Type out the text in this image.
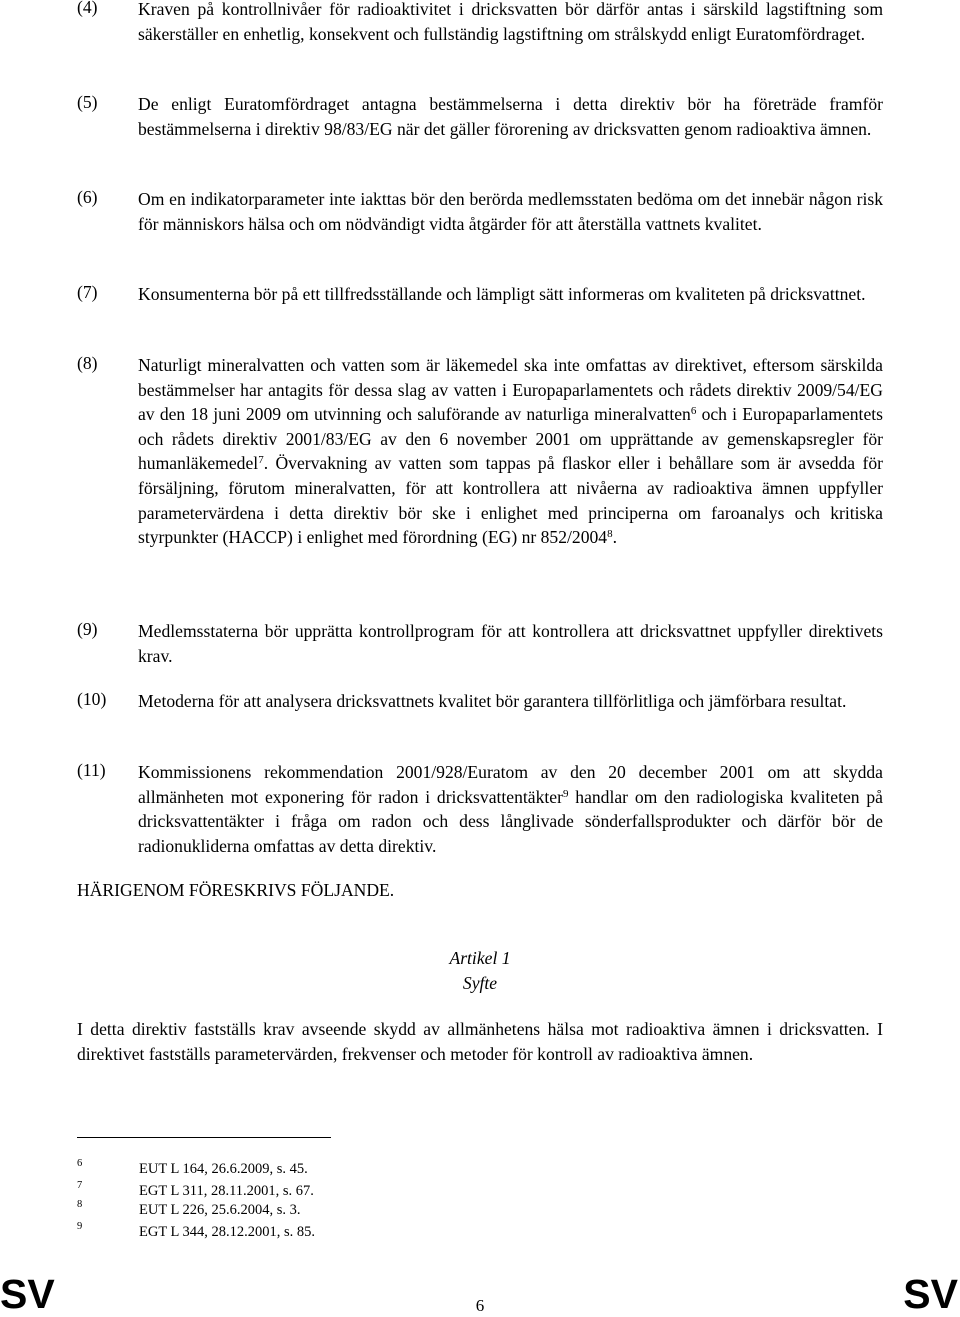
(4) Kraven på kontrollnivåer för radioaktivitet i dricksvatten bör därför antas i särskild lagstiftning som säkerställer en enhetlig, konsekvent och fullständig lagstiftning om strålskydd enligt Euratomfördraget.
(5) De enligt Euratomfördraget antagna bestämmelserna i detta direktiv bör ha företräde framför bestämmelserna i direktiv 98/83/EG när det gäller förorening av dricksvatten genom radioaktiva ämnen.
(6) Om en indikatorparameter inte iakttas bör den berörda medlemsstaten bedöma om det innebär någon risk för människors hälsa och om nödvändigt vidta åtgärder för att återställa vattnets kvalitet.
(7) Konsumenterna bör på ett tillfredsställande och lämpligt sätt informeras om kvaliteten på dricksvattnet.
(8) Naturligt mineralvatten och vatten som är läkemedel ska inte omfattas av direktivet, eftersom särskilda bestämmelser har antagits för dessa slag av vatten i Europaparlamentets och rådets direktiv 2009/54/EG av den 18 juni 2009 om utvinning och saluförande av naturliga mineralvatten$^6$ och i Europaparlamentets och rådets direktiv 2001/83/EG av den 6 november 2001 om upprättande av gemenskapsregler för humanläkemedel$^7$. Övervakning av vatten som tappas på flaskor eller i behållare som är avsedda för försäljning, förutom mineralvatten, för att kontrollera att nivåerna av radioaktiva ämnen uppfyller parametervärdena i detta direktiv bör ske i enlighet med principerna om faroanalys och kritiska styrpunkter (HACCP) i enlighet med förordning (EG) nr 852/2004$^8$.
(9) Medlemsstaterna bör upprätta kontrollprogram för att kontrollera att dricksvattnet uppfyller direktivets krav.
(10) Metoderna för att analysera dricksvattnets kvalitet bör garantera tillförlitliga och jämförbara resultat.
(11) Kommissionens rekommendation 2001/928/Euratom av den 20 december 2001 om att skydda allmänheten mot exponering för radon i dricksvattentäkter$^9$ handlar om den radiologiska kvaliteten på dricksvattentäkter i fråga om radon och dess långlivade sönderfallsprodukter och därför bör de radionukliderna omfattas av detta direktiv.
HÄRIGENOM FÖRESKRIVS FÖLJANDE.
Artikel 1
Syfte
I detta direktiv fastställs krav avseende skydd av allmänhetens hälsa mot radioaktiva ämnen i dricksvatten. I direktivet fastställs parametervärden, frekvenser och metoder för kontroll av radioaktiva ämnen.
6	EUT L 164, 26.6.2009, s. 45.
7	EGT L 311, 28.11.2001, s. 67.
8	EUT L 226, 25.6.2004, s. 3.
9	EGT L 344, 28.12.2001, s. 85.
SV	6	SV
